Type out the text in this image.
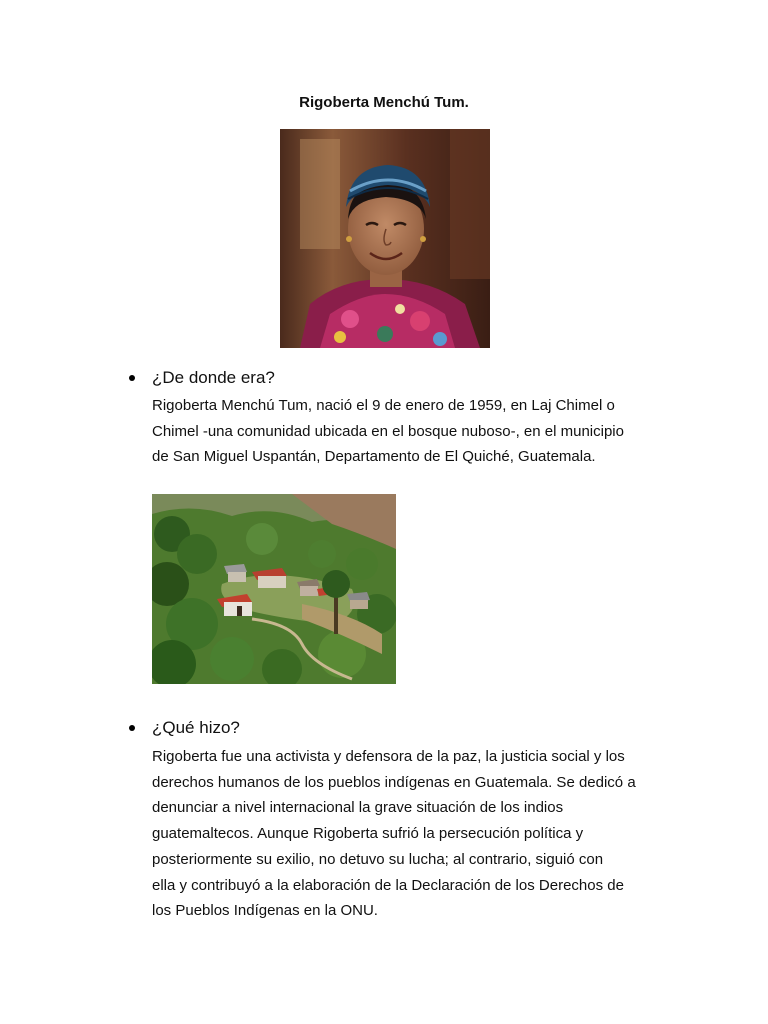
Rigoberta Menchú Tum.
¿De donde era?
Rigoberta Menchú Tum, nació el 9 de enero de 1959, en Laj Chimel o
Chimel -una comunidad ubicada en el bosque nuboso-, en el municipio
de San Miguel Uspantán, Departamento de El Quiché, Guatemala.
¿Qué hizo?
Rigoberta fue una activista y defensora de la paz, la justicia social y los
derechos humanos de los pueblos indígenas en Guatemala. Se dedicó a
denunciar a nivel internacional la grave situación de los indios
guatemaltecos. Aunque Rigoberta sufrió la persecución política y
posteriormente su exilio, no detuvo su lucha; al contrario, siguió con
ella y contribuyó a la elaboración de la Declaración de los Derechos de
los Pueblos Indígenas en la ONU.
